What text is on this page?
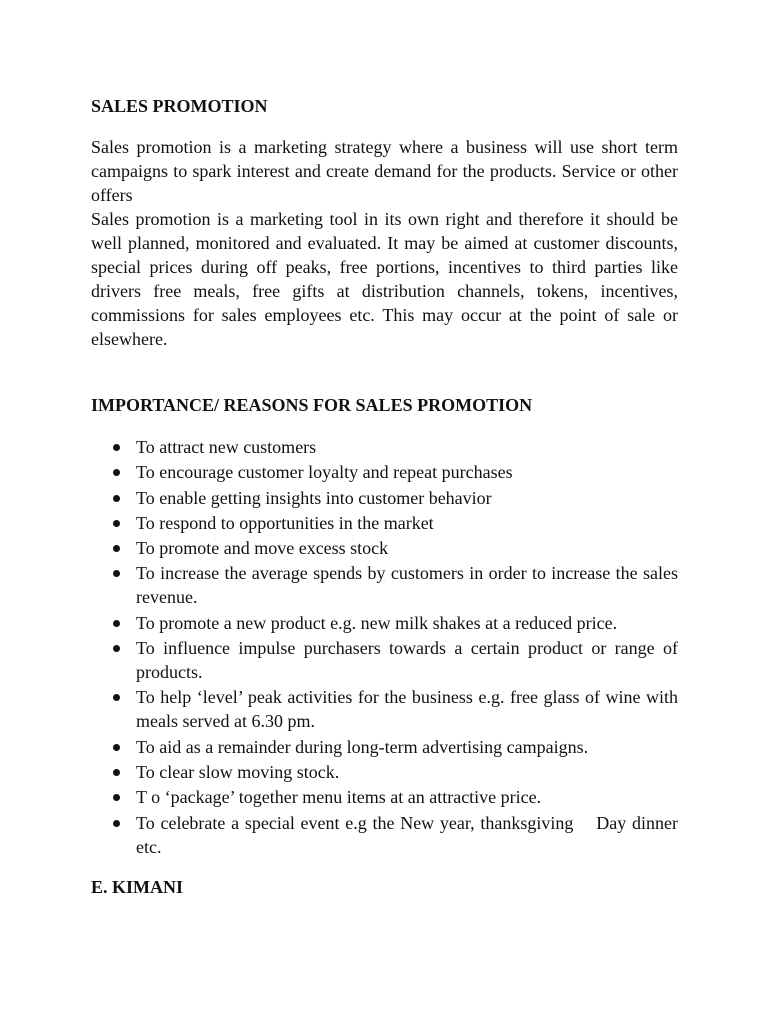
SALES PROMOTION

Sales promotion is a marketing strategy where a business will use short term campaigns to spark interest and create demand for the products. Service or other offers

Sales promotion is a marketing tool in its own right and therefore it should be well planned, monitored and evaluated. It may be aimed at customer discounts, special prices during off peaks, free portions, incentives to third parties like drivers free meals, free gifts at distribution channels, tokens, incentives, commissions for sales employees etc. This may occur at the point of sale or elsewhere.

IMPORTANCE/ REASONS FOR SALES PROMOTION
To attract new customers
To encourage customer loyalty and repeat purchases
To enable getting insights into customer behavior
To respond to opportunities in the market
To promote and move excess stock
To increase the average spends by customers in order to increase the sales revenue.
To promote a new product e.g. new milk shakes at a reduced price.
To influence impulse purchasers towards a certain product or range of products.
To help ‘level’ peak activities for the business e.g. free glass of wine with meals served at 6.30 pm.
To aid as a remainder during long-term advertising campaigns.
To clear slow moving stock.
T o ‘package’ together menu items at an attractive price.
To celebrate a special event e.g the New year, thanksgiving    Day dinner etc.
E. KIMANI
